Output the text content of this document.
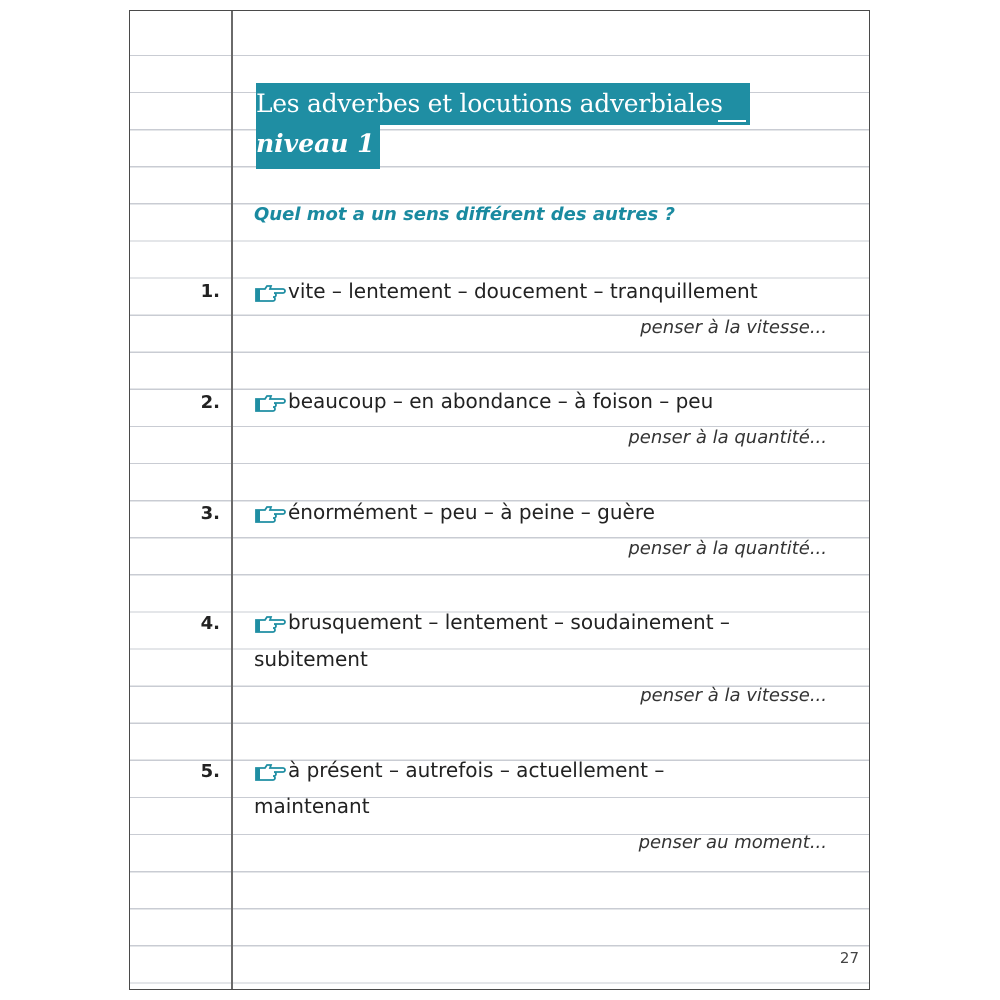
Les adverbes et locutions adverbiales
niveau 1
Quel mot a un sens différent des autres ?
1.	vite – lentement – doucement – tranquillement
penser à la vitesse...
2.	beaucoup – en abondance – à foison – peu
penser à la quantité...
3.	énormément – peu – à peine – guère
penser à la quantité...
4.	brusquement – lentement – soudainement –
subitement
penser à la vitesse...
5.	à présent – autrefois – actuellement –
maintenant
penser au moment...
27
